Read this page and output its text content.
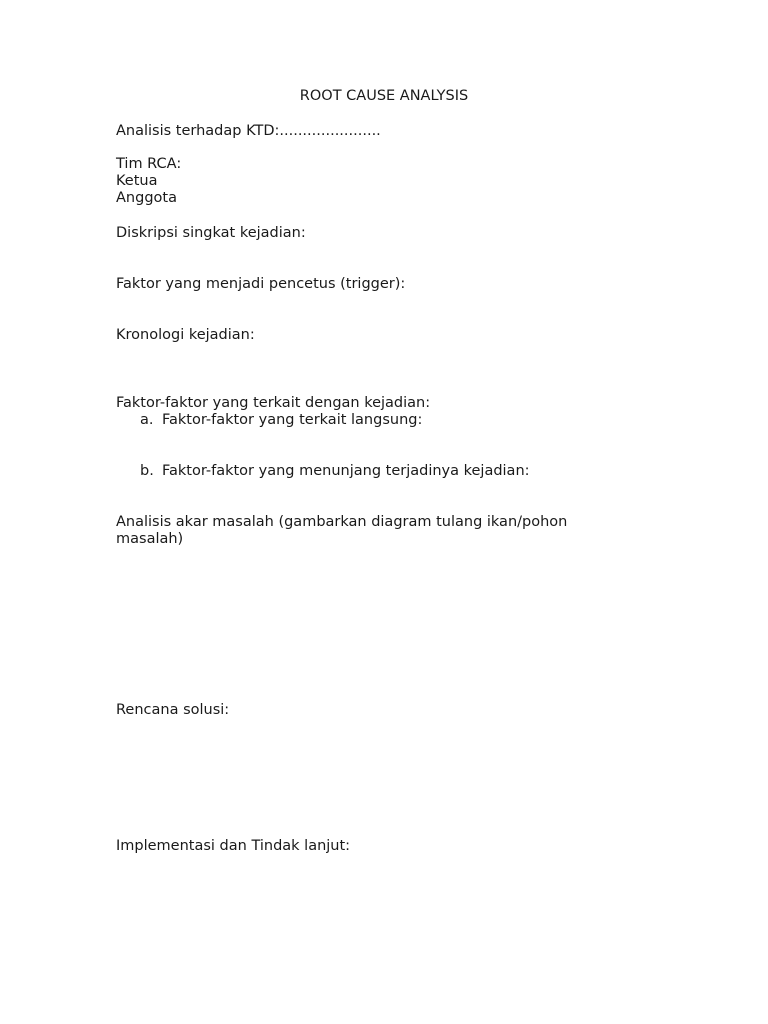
ROOT CAUSE ANALYSIS
Analisis terhadap KTD:......................
Tim RCA:
Ketua
Anggota
Diskripsi singkat kejadian:
Faktor yang menjadi pencetus (trigger):
Kronologi kejadian:
Faktor-faktor yang terkait dengan kejadian:
a. Faktor-faktor yang terkait langsung:
b. Faktor-faktor yang menunjang terjadinya kejadian:
Analisis akar masalah (gambarkan diagram tulang ikan/pohon
masalah)
Rencana solusi:
Implementasi dan Tindak lanjut:
